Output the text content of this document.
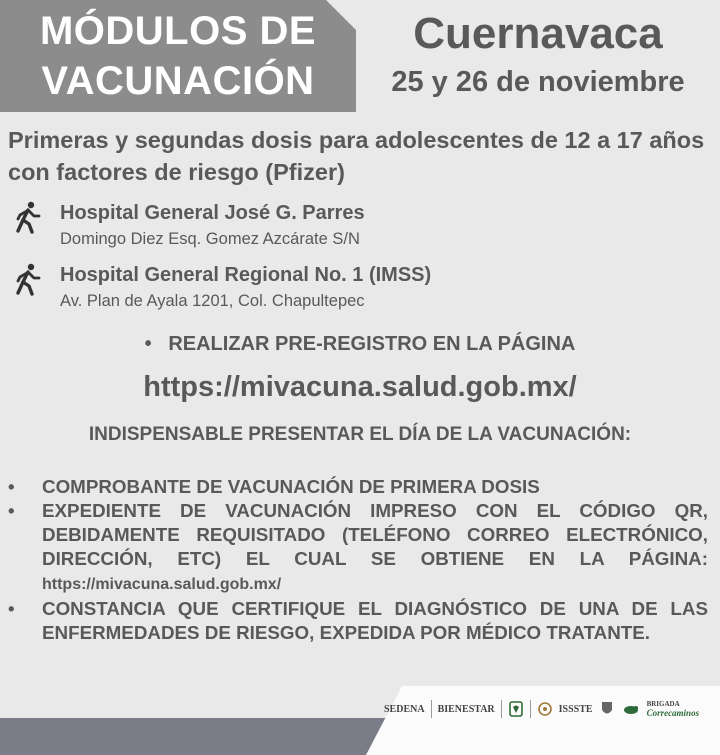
MÓDULOS DE
VACUNACIÓN
Cuernavaca
25 y 26 de noviembre
Primeras y segundas dosis para adolescentes de 12 a 17 años con factores de riesgo (Pfizer)
Hospital General José G. Parres
Domingo Diez Esq. Gomez Azcárate S/N
Hospital General Regional No. 1 (IMSS)
Av. Plan de Ayala 1201, Col. Chapultepec
• REALIZAR PRE-REGISTRO EN LA PÁGINA
https://mivacuna.salud.gob.mx/
INDISPENSABLE PRESENTAR EL DÍA DE LA VACUNACIÓN:
• COMPROBANTE DE VACUNACIÓN DE PRIMERA DOSIS
• EXPEDIENTE DE VACUNACIÓN IMPRESO CON EL CÓDIGO QR, DEBIDAMENTE REQUISITADO (TELÉFONO CORREO ELECTRÓNICO, DIRECCIÓN, ETC) EL CUAL SE OBTIENE EN LA PÁGINA: https://mivacuna.salud.gob.mx/
• CONSTANCIA QUE CERTIFIQUE EL DIAGNÓSTICO DE UNA DE LAS ENFERMEDADES DE RIESGO, EXPEDIDA POR MÉDICO TRATANTE.
SEDENA BIENESTAR	ISSSTE	BRIGADA
Correcaminos
